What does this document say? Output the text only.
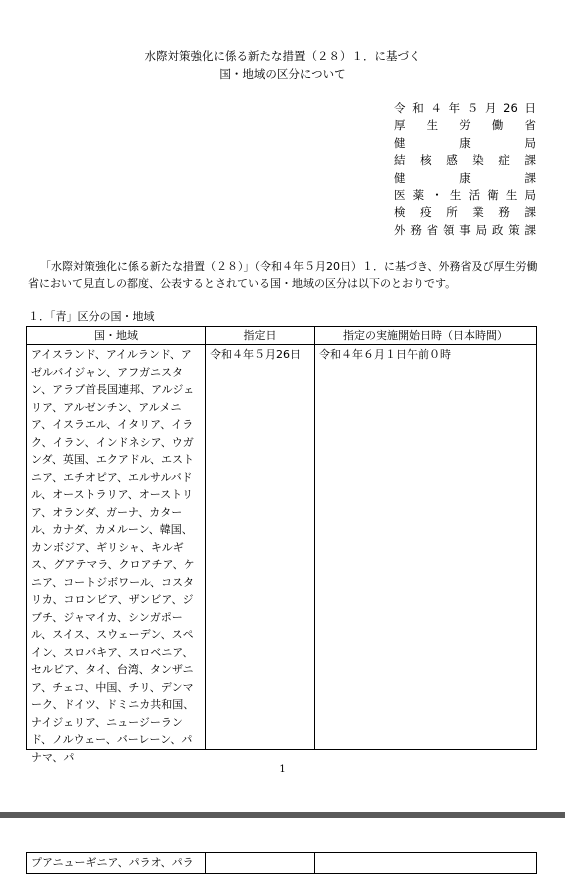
水際対策強化に係る新たな措置（２８）１．に基づく
国・地域の区分について
令 和 ４ 年 ５ 月 26 日
厚 生 労 働 省
健	康	局
結 核 感 染 症 課
健	康	課
医 薬 ・ 生 活 衛 生 局
検 疫 所 業 務 課
外 務 省 領 事 局 政 策 課
「水際対策強化に係る新たな措置（２８）」（令和４年５月20日）１．に基づき、外務省及び厚生労働省において見直しの都度、公表するとされている国・地域の区分は以下のとおりです。
１．「青」区分の国・地域
国・地域	指定日	指定の実施開始日時（日本時間）

アイスランド、アイルランド、アゼルバイジャン、アフガニスタン、アラブ首長国連邦、アルジェリア、アルゼンチン、アルメニア、イスラエル、イタリア、イラク、イラン、インドネシア、ウガンダ、英国、エクアドル、エストニア、エチオピア、エルサルバドル、オーストラリア、オーストリア、オランダ、ガーナ、カタール、カナダ、カメルーン、韓国、カンボジア、ギリシャ、キルギス、グアテマラ、クロアチア、ケニア、コートジボワール、コスタリカ、コロンビア、ザンビア、ジブチ、ジャマイカ、シンガポール、スイス、スウェーデン、スペイン、スロバキア、スロベニア、セルビア、タイ、台湾、タンザニア、チェコ、中国、チリ、デンマーク、ドイツ、ドミニカ共和国、ナイジェリア、ニュージーランド、ノルウェー、バーレーン、パナマ、パ	令和４年５月26日	令和４年６月１日午前０時
1
プアニューギニア、パラオ、パラ
